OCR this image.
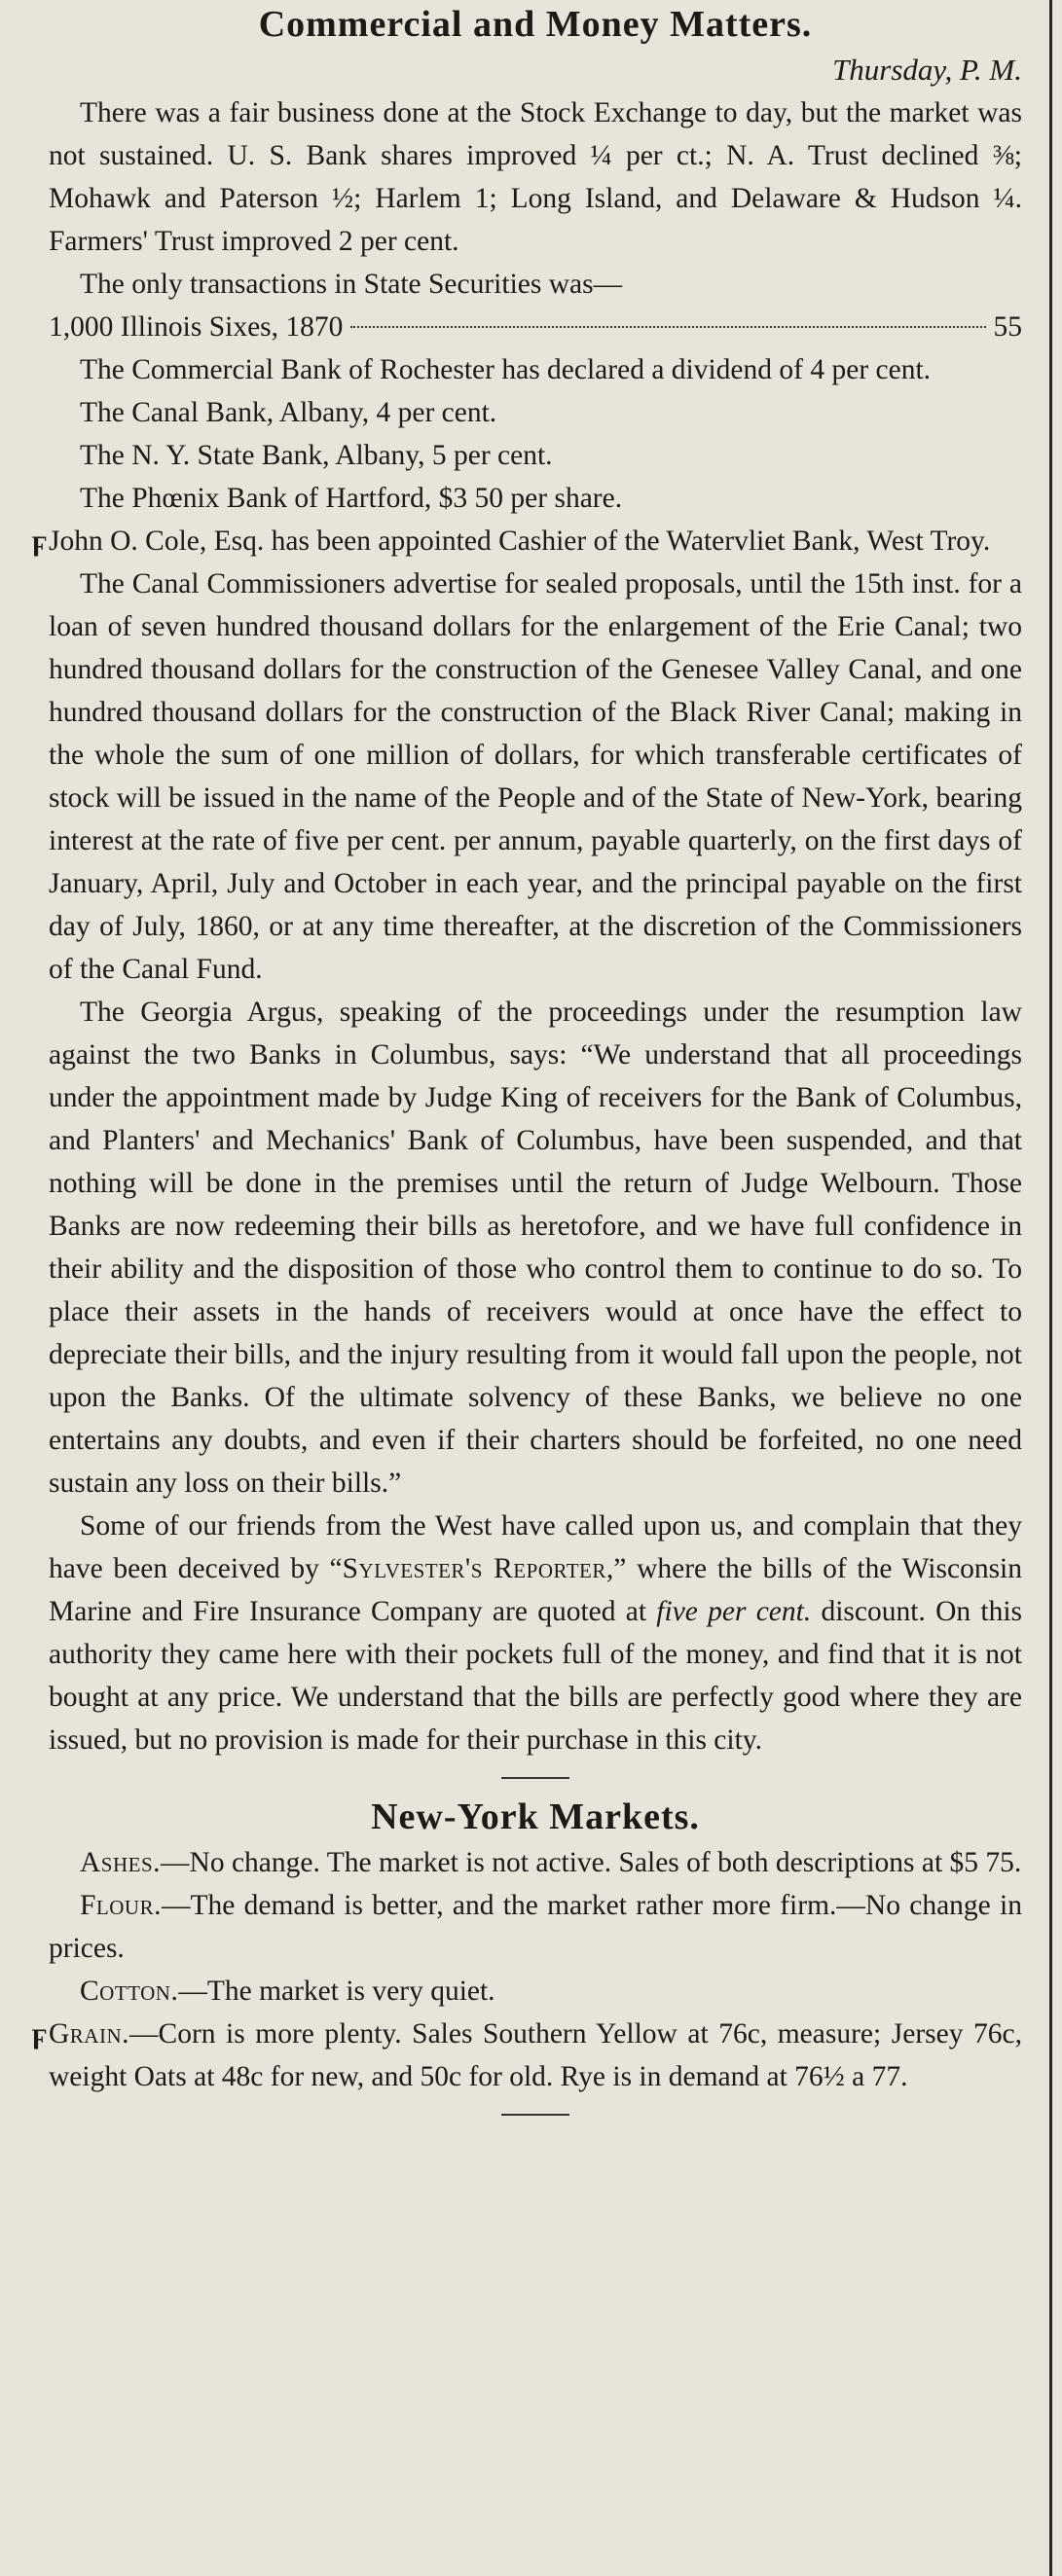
Commercial and Money Matters.
Thursday, P. M.

There was a fair business done at the Stock Exchange to day, but the market was not sustained. U. S. Bank shares improved ¼ per ct.; N. A. Trust declined ⅜; Mohawk and Paterson ½; Harlem 1; Long Island, and Delaware & Hudson ¼. Farmers' Trust improved 2 per cent.

The only transactions in State Securities was—

1,000 Illinois Sixes, 1870	55

The Commercial Bank of Rochester has declared a dividend of 4 per cent.

The Canal Bank, Albany, 4 per cent.

The N. Y. State Bank, Albany, 5 per cent.

The Phœnix Bank of Hartford, $3 50 per share.

ϝJohn O. Cole, Esq. has been appointed Cashier of the Watervliet Bank, West Troy.

The Canal Commissioners advertise for sealed proposals, until the 15th inst. for a loan of seven hundred thousand dollars for the enlargement of the Erie Canal; two hundred thousand dollars for the construction of the Genesee Valley Canal, and one hundred thousand dollars for the construction of the Black River Canal; making in the whole the sum of one million of dollars, for which transferable certificates of stock will be issued in the name of the People and of the State of New-York, bearing interest at the rate of five per cent. per annum, payable quarterly, on the first days of January, April, July and October in each year, and the principal payable on the first day of July, 1860, or at any time thereafter, at the discretion of the Commissioners of the Canal Fund.

The Georgia Argus, speaking of the proceedings under the resumption law against the two Banks in Columbus, says: “We understand that all proceedings under the appointment made by Judge King of receivers for the Bank of Columbus, and Planters' and Mechanics' Bank of Columbus, have been suspended, and that nothing will be done in the premises until the return of Judge Welbourn. Those Banks are now redeeming their bills as heretofore, and we have full confidence in their ability and the disposition of those who control them to continue to do so. To place their assets in the hands of receivers would at once have the effect to depreciate their bills, and the injury resulting from it would fall upon the people, not upon the Banks. Of the ultimate solvency of these Banks, we believe no one entertains any doubts, and even if their charters should be forfeited, no one need sustain any loss on their bills.”

Some of our friends from the West have called upon us, and complain that they have been deceived by “Sylvester's Reporter,” where the bills of the Wisconsin Marine and Fire Insurance Company are quoted at five per cent. discount. On this authority they came here with their pockets full of the money, and find that it is not bought at any price. We understand that the bills are perfectly good where they are issued, but no provision is made for their purchase in this city.

New-York Markets.

Ashes.—No change. The market is not active. Sales of both descriptions at $5 75.

Flour.—The demand is better, and the market rather more firm.—No change in prices.

Cotton.—The market is very quiet.

ϝGrain.—Corn is more plenty. Sales Southern Yellow at 76c, measure; Jersey 76c, weight Oats at 48c for new, and 50c for old. Rye is in demand at 76½ a 77.
